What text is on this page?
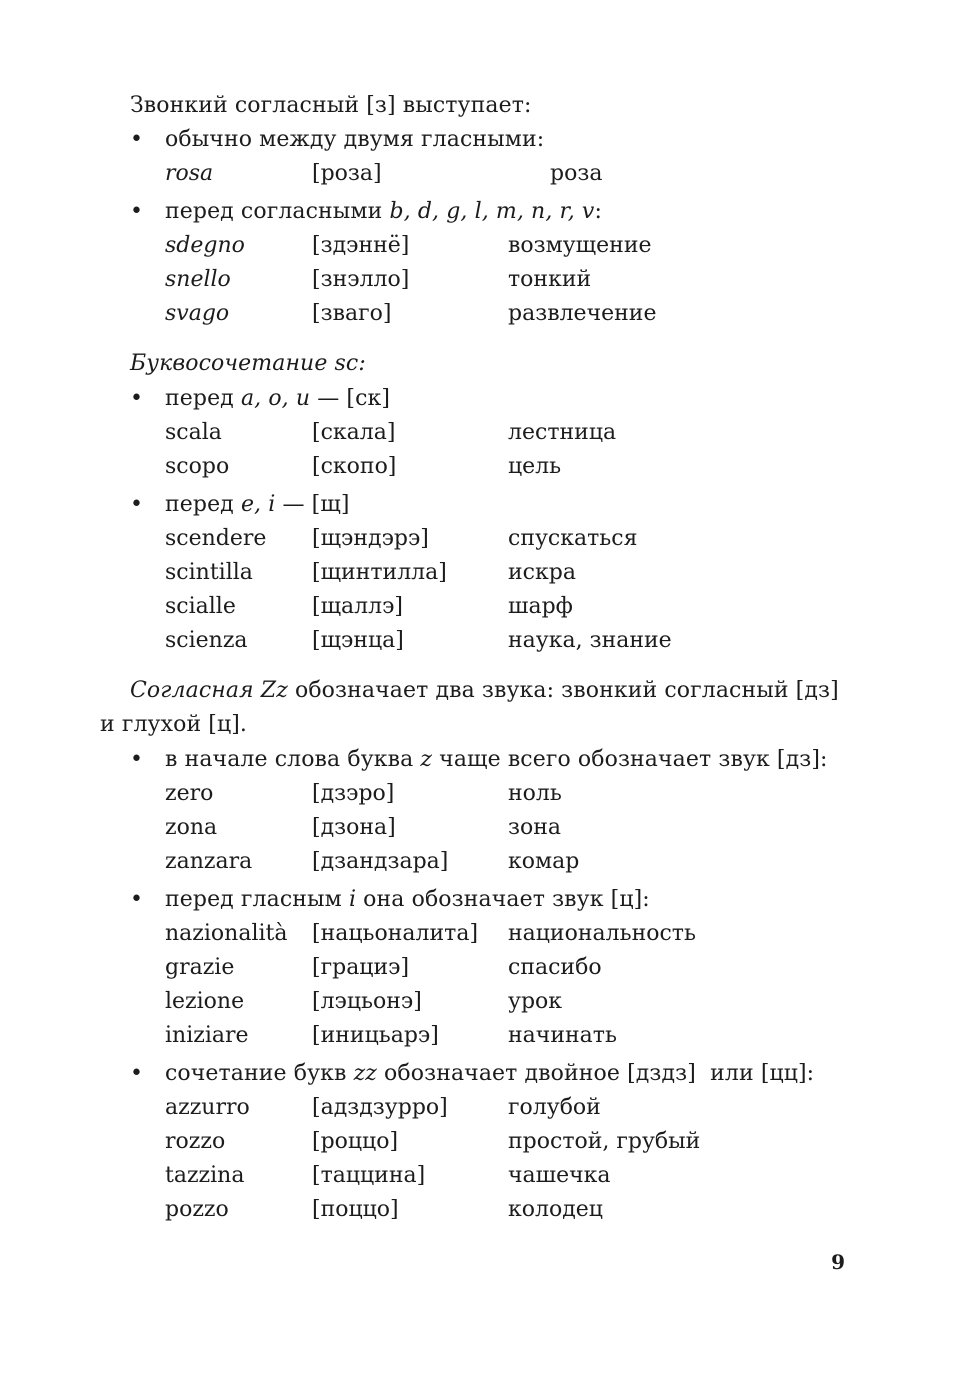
Звонкий согласный [з] выступает:
• обычно между двумя гласными:
rosa	[роза]	роза
• перед согласными b, d, g, l, m, n, r, v:
sdegno	[здэннё]	возмущение
snello	[знэлло]	тонкий
svago	[зваго]	развлечение
Буквосочетание sc:
• перед a, o, u — [ск]
scala	[скала]	лестница
scopo	[скопо]	цель
• перед e, i — [щ]
scendere [щэндэрэ]	спускаться
scintilla	[щинтилла]	искра
scialle	[щаллэ]	шарф
scienza	[щэнца]	наука, знание
Согласная Zz обозначает два звука: звонкий согласный [дз]
и глухой [ц].
• в начале слова буква z чаще всего обозначает звук [дз]:
zero	[дзэро]	ноль
zona	[дзона]	зона
zanzara	[дзандзара]	комар
• перед гласным i она обозначает звук [ц]:
nazionalità [нацьоналита] национальность
grazie	[грациэ]	спасибо
lezione	[лэцьонэ]	урок
iniziare	[иницьарэ]	начинать
• сочетание букв zz обозначает двойное [дздз]  или [цц]:
azzurro	[адздзурро]	голубой
rozzo	[роццо]	простой, грубый
tazzina	[таццина]	чашечка
pozzo	[поццо]	колодец
9
